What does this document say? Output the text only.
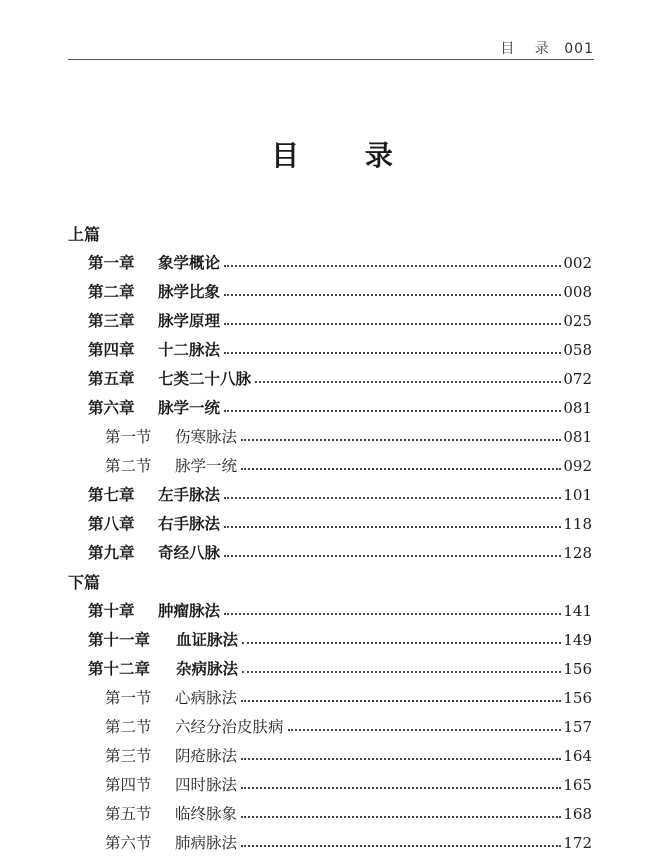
目 录 001
目 录
上篇
第一章	象学概论	002
第二章	脉学比象	008
第三章	脉学原理	025
第四章	十二脉法	058
第五章	七类二十八脉	072
第六章	脉学一统	081
第一节	伤寒脉法	081
第二节	脉学一统	092
第七章	左手脉法	101
第八章	右手脉法	118
第九章	奇经八脉	128
下篇
第十章	肿瘤脉法	141
第十一章	血证脉法	149
第十二章	杂病脉法	156
第一节	心病脉法	156
第二节	六经分治皮肤病	157
第三节	阴疮脉法	164
第四节	四时脉法	165
第五节	临终脉象	168
第六节	肺病脉法	172
